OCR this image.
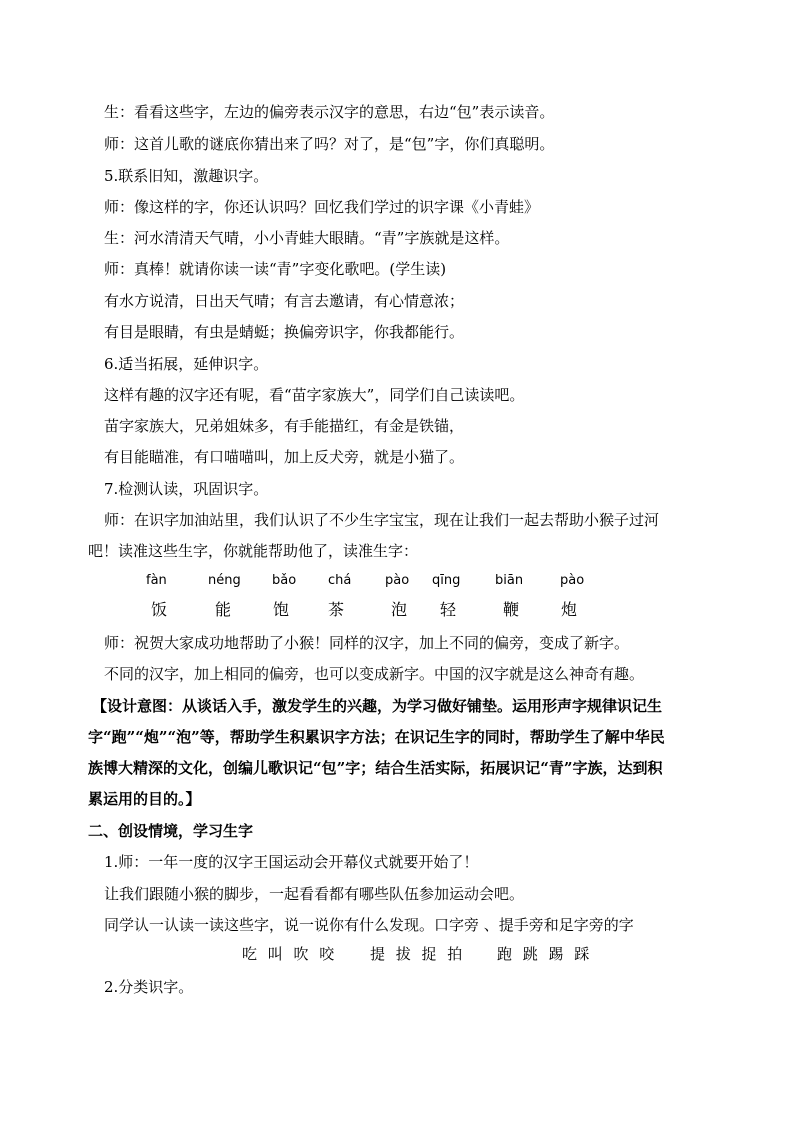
生：看看这些字，左边的偏旁表示汉字的意思，右边“包”表示读音。
师：这首儿歌的谜底你猜出来了吗？对了，是“包”字，你们真聪明。
5.联系旧知，激趣识字。
师：像这样的字，你还认识吗？回忆我们学过的识字课《小青蛙》
生：河水清清天气晴，小小青蛙大眼睛。“青”字族就是这样。
师：真棒！就请你读一读“青”字变化歌吧。(学生读)
有水方说清，日出天气晴；有言去邀请，有心情意浓；
有目是眼睛，有虫是蜻蜓；换偏旁识字，你我都能行。
6.适当拓展，延伸识字。
这样有趣的汉字还有呢，看“苗字家族大”，同学们自己读读吧。
苗字家族大，兄弟姐妹多，有手能描红，有金是铁锚，
有目能瞄准，有口喵喵叫，加上反犬旁，就是小猫了。
7.检测认读，巩固识字。
师：在识字加油站里，我们认识了不少生字宝宝，现在让我们一起去帮助小猴子过河
吧！读准这些生字，你就能帮助他了，读准生字：
fàn	néng bǎo chá	pào qīng	biān	pào
饭	能	饱 茶	泡 轻	鞭	炮
师：祝贺大家成功地帮助了小猴！同样的汉字，加上不同的偏旁，变成了新字。
不同的汉字，加上相同的偏旁，也可以变成新字。中国的汉字就是这么神奇有趣。
【设计意图：从谈话入手，激发学生的兴趣，为学习做好铺垫。运用形声字规律识记生
字“跑”“炮”“泡”等，帮助学生积累识字方法；在识记生字的同时，帮助学生了解中华民
族博大精深的文化，创编儿歌识记“包”字；结合生活实际，拓展识记“青”字族，达到积
累运用的目的。】
二、创设情境，学习生字
1.师：一年一度的汉字王国运动会开幕仪式就要开始了！
让我们跟随小猴的脚步，一起看看都有哪些队伍参加运动会吧。
同学认一认读一读这些字，说一说你有什么发现。口字旁 、提手旁和足字旁的字
吃 叫 吹 咬 提 拔 捉 拍 跑 跳 踢 踩
2.分类识字。
